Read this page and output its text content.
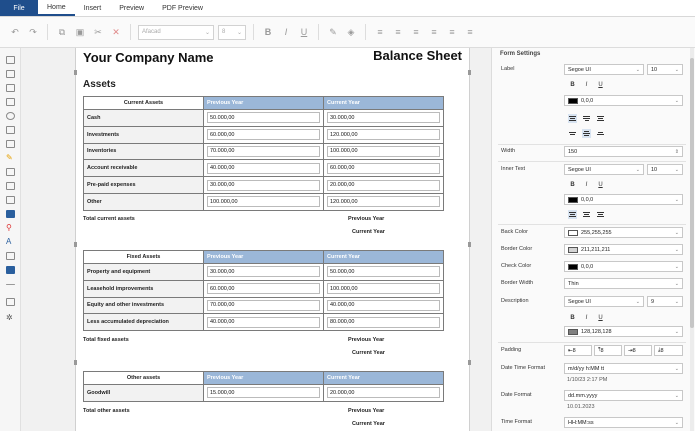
File	Home	Insert	Preview	PDF Preview
↶	↷	⧉	▣	✂	✕	Afacad	⌄ 8 ⌄	B	I	U	✎	◈	≡	≡	≡	≡	≡	≡
✎
⚲
A
✲
Your Company Name	Balance Sheet
Assets
Current Assets	Previous Year	Current Year
Cash	50.000,00	30.000,00

Investments	60.000,00	120.000,00

Inventories	70.000,00	100.000,00

Account receivable	40.000,00	60.000,00

Pre-paid expenses	30.000,00	20.000,00

Other	100.000,00	120.000,00
Total current assets	Previous Year
Current Year
Fixed Assets	Previous Year	Current Year
Property and equipment	30.000,00	50.000,00

Leasehold improvements	60.000,00	100.000,00

Equity and other investments	70.000,00	40.000,00

Less accumulated depreciation	40.000,00	80.000,00
Total fixed assets	Previous Year
Current Year
Other assets	Previous Year	Current Year
Goodwill	15.000,00	20.000,00
Total other assets	Previous Year
Current Year
Form Settings
Label	Segoe UI	⌄ 10	⌄
B	I	U
0,0,0	⌄
Width	150	⇕
Inner Text	Segoe UI	⌄ 10	⌄
B	I	U
0,0,0	⌄
Back Color	255,255,255	⌄
Border Color	211,211,211	⌄
Check Color	0,0,0	⌄
Border Width	Thin	⌄
Description	Segoe UI	⌄ 9	⌄
B	I	U
128,128,128	⌄
Padding	⇤ 8	⤒ 8	⇥ 8	⤓ 8
Date Time Format	m/d/yy h:MM tt	⌄
1/10/23 2:17 PM
Date Format	dd.mm.yyyy	⌄
10.01.2023
Time Format	HH:MM:ss	⌄
